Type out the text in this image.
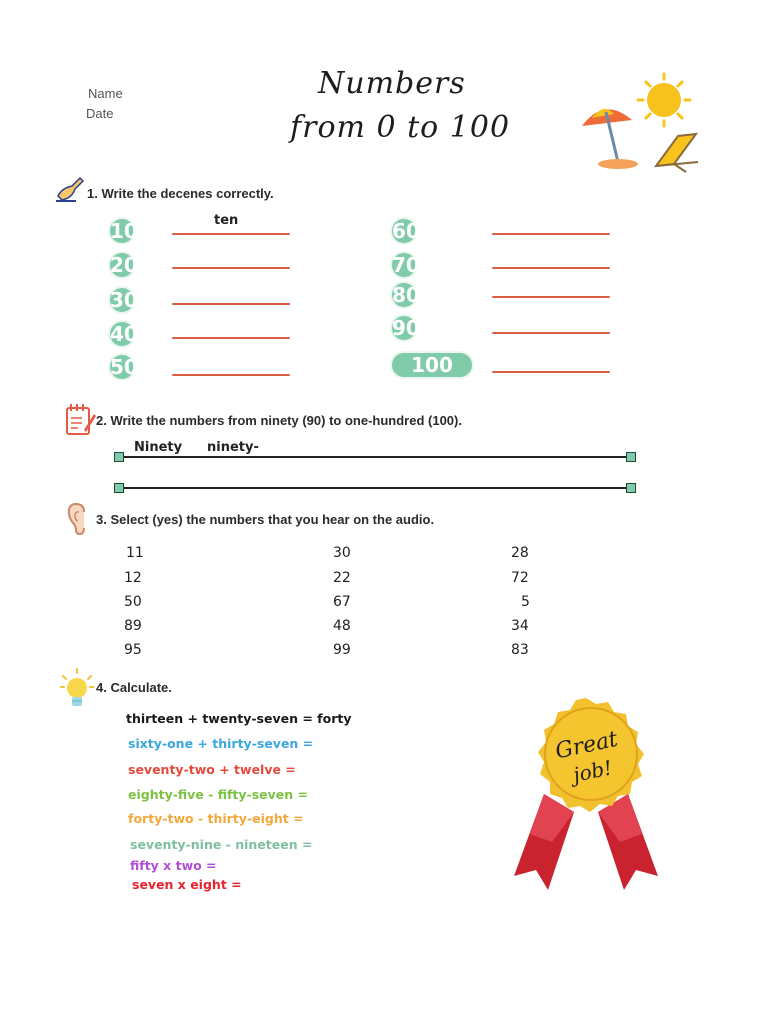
Name
Date
Numbers
from 0 to 100
1. Write the decenes correctly.
ten
10
20
30
40
50
60
70
80
90
100
2. Write the numbers from ninety (90) to one-hundred (100).
Ninety ninety-
3. Select (yes) the numbers that you hear on the audio.
11
12
50
89
95
30
22
67
48
99
28
72
5
34
83
4. Calculate.
thirteen + twenty-seven = forty
sixty-one + thirty-seven =
seventy-two + twelve =
eighty-five - fifty-seven =
forty-two - thirty-eight =
seventy-nine - nineteen =
fifty x two =
seven x eight =
Great
job!
